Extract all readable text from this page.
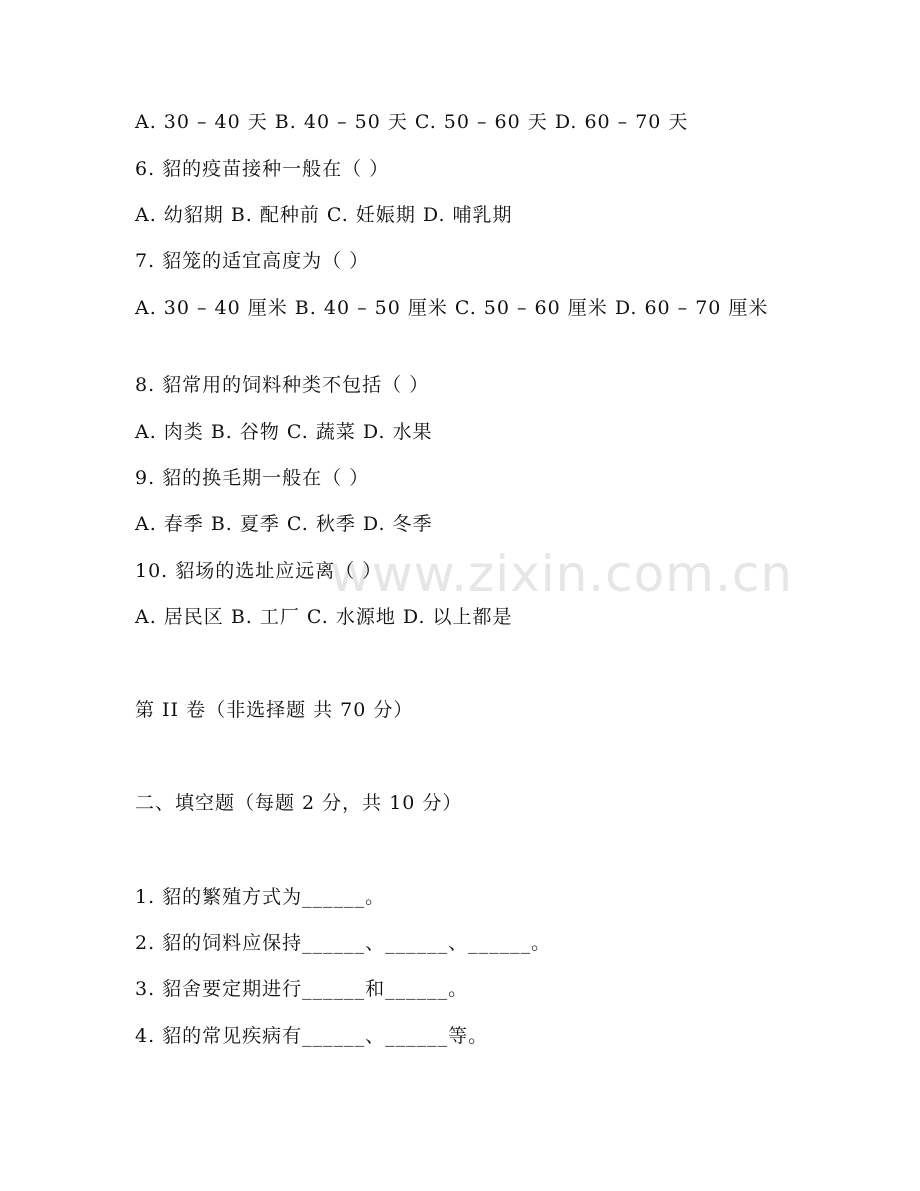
www.zixin.com.cn
A. 30 – 40 天 B. 40 – 50 天 C. 50 – 60 天 D. 60 – 70 天
6. 貂的疫苗接种一般在（ ）
A. 幼貂期 B. 配种前 C. 妊娠期 D. 哺乳期
7. 貂笼的适宜高度为（ ）
A. 30 – 40 厘米 B. 40 – 50 厘米 C. 50 – 60 厘米 D. 60 – 70 厘米
8. 貂常用的饲料种类不包括（ ）
A. 肉类 B. 谷物 C. 蔬菜 D. 水果
9. 貂的换毛期一般在（ ）
A. 春季 B. 夏季 C. 秋季 D. 冬季
10. 貂场的选址应远离（ ）
A. 居民区 B. 工厂 C. 水源地 D. 以上都是
第 II 卷（非选择题 共 70 分）
二、填空题（每题 2 分，共 10 分）
1. 貂的繁殖方式为______。
2. 貂的饲料应保持______、______、______。
3. 貂舍要定期进行______和______。
4. 貂的常见疾病有______、______等。
